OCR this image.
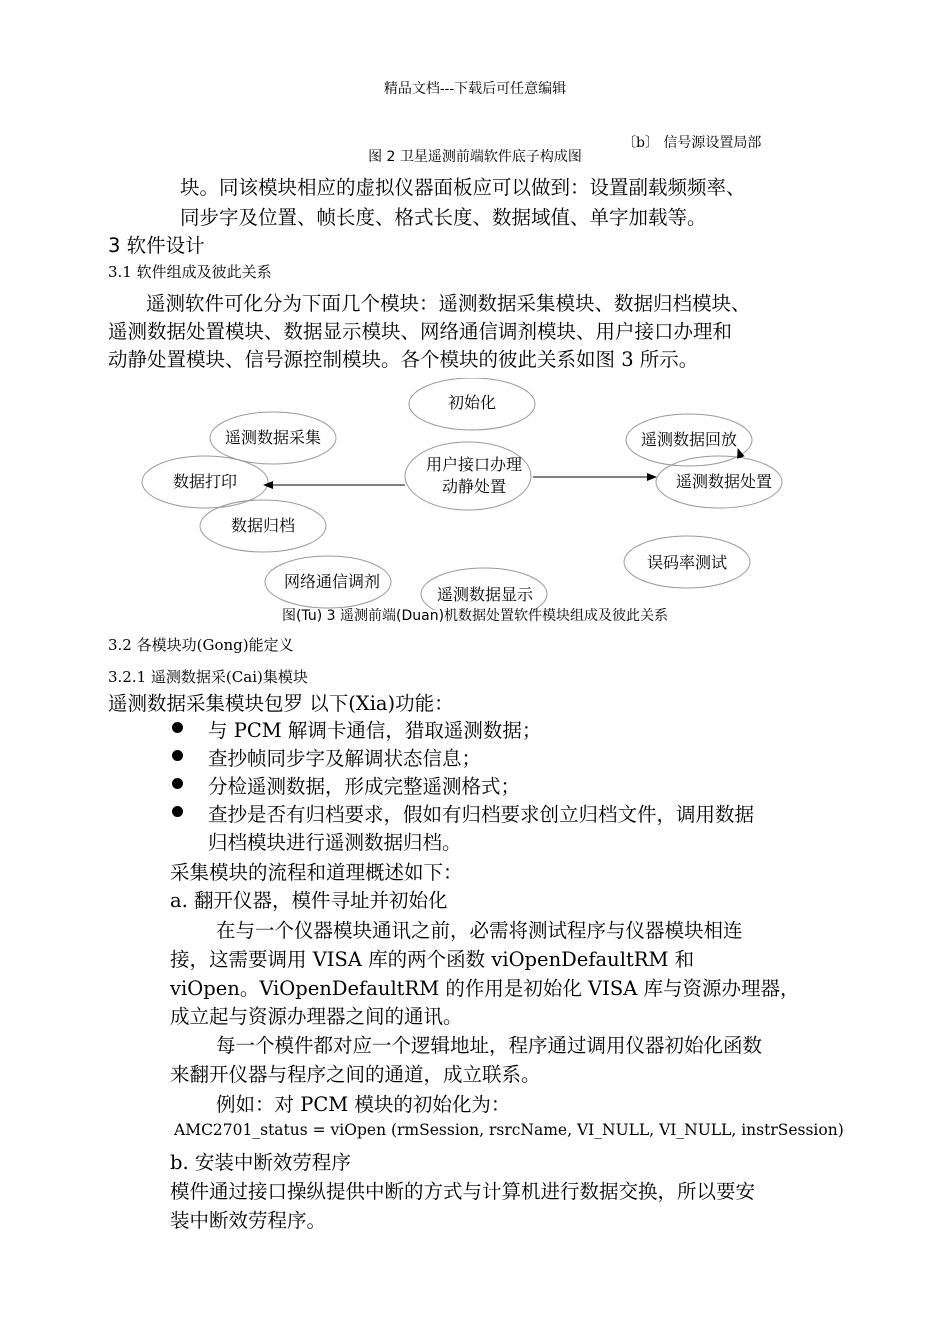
精品文档---下载后可任意编辑
〔b〕 信号源设置局部
图 2 卫星遥测前端软件底子构成图
块。同该模块相应的虚拟仪器面板应可以做到：设置副载频频率、
同步字及位置、帧长度、格式长度、数据域值、单字加载等。
3 软件设计
3.1 软件组成及彼此关系
遥测软件可化分为下面几个模块：遥测数据采集模块、数据归档模块、
遥测数据处置模块、数据显示模块、网络通信调剂模块、用户接口办理和
动静处置模块、信号源控制模块。各个模块的彼此关系如图 3 所示。
初始化
遥测数据采集
数据打印
数据归档
用户接口办理
动静处置
网络通信调剂
遥测数据显示
遥测数据回放
遥测数据处置
误码率测试
图(Tu) 3 遥测前端(Duan)机数据处置软件模块组成及彼此关系
3.2 各模块功(Gong)能定义
3.2.1 遥测数据采(Cai)集模块
遥测数据采集模块包罗 以下(Xia)功能：
与 PCM 解调卡通信，猎取遥测数据；
查抄帧同步字及解调状态信息；
分检遥测数据，形成完整遥测格式；
查抄是否有归档要求，假如有归档要求创立归档文件，调用数据
归档模块进行遥测数据归档。
采集模块的流程和道理概述如下：
a. 翻开仪器，模件寻址并初始化
在与一个仪器模块通讯之前，必需将测试程序与仪器模块相连
接，这需要调用 VISA 库的两个函数 viOpenDefaultRM 和
viOpen。ViOpenDefaultRM 的作用是初始化 VISA 库与资源办理器，
成立起与资源办理器之间的通讯。
每一个模件都对应一个逻辑地址，程序通过调用仪器初始化函数
来翻开仪器与程序之间的通道，成立联系。
例如：对 PCM 模块的初始化为：
AMC2701_status = viOpen (rmSession, rsrcName, VI_NULL, VI_NULL, instrSession)
b. 安装中断效劳程序
模件通过接口操纵提供中断的方式与计算机进行数据交换，所以要安
装中断效劳程序。
